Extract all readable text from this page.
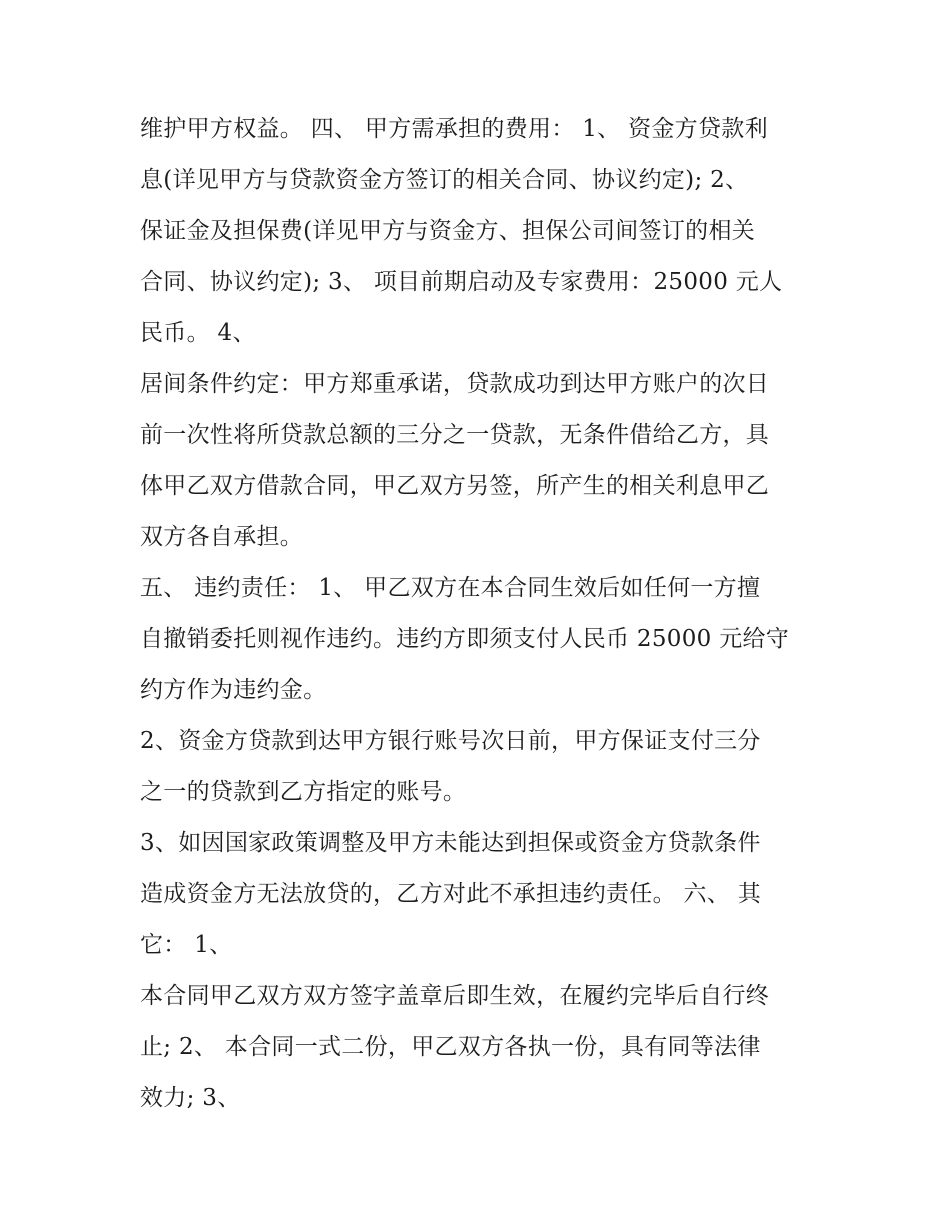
维护甲方权益。 四、 甲方需承担的费用： 1、 资金方贷款利

息(详见甲方与贷款资金方签订的相关合同、协议约定); 2、

保证金及担保费(详见甲方与资金方、担保公司间签订的相关

合同、协议约定); 3、 项目前期启动及专家费用：25000 元人

民币。 4、

居间条件约定：甲方郑重承诺，贷款成功到达甲方账户的次日

前一次性将所贷款总额的三分之一贷款，无条件借给乙方，具

体甲乙双方借款合同，甲乙双方另签，所产生的相关利息甲乙

双方各自承担。

五、 违约责任： 1、 甲乙双方在本合同生效后如任何一方擅

自撤销委托则视作违约。违约方即须支付人民币 25000 元给守

约方作为违约金。

2、资金方贷款到达甲方银行账号次日前，甲方保证支付三分

之一的贷款到乙方指定的账号。

3、如因国家政策调整及甲方未能达到担保或资金方贷款条件

造成资金方无法放贷的，乙方对此不承担违约责任。 六、 其

它： 1、

本合同甲乙双方双方签字盖章后即生效，在履约完毕后自行终

止; 2、 本合同一式二份，甲乙双方各执一份，具有同等法律

效力; 3、
